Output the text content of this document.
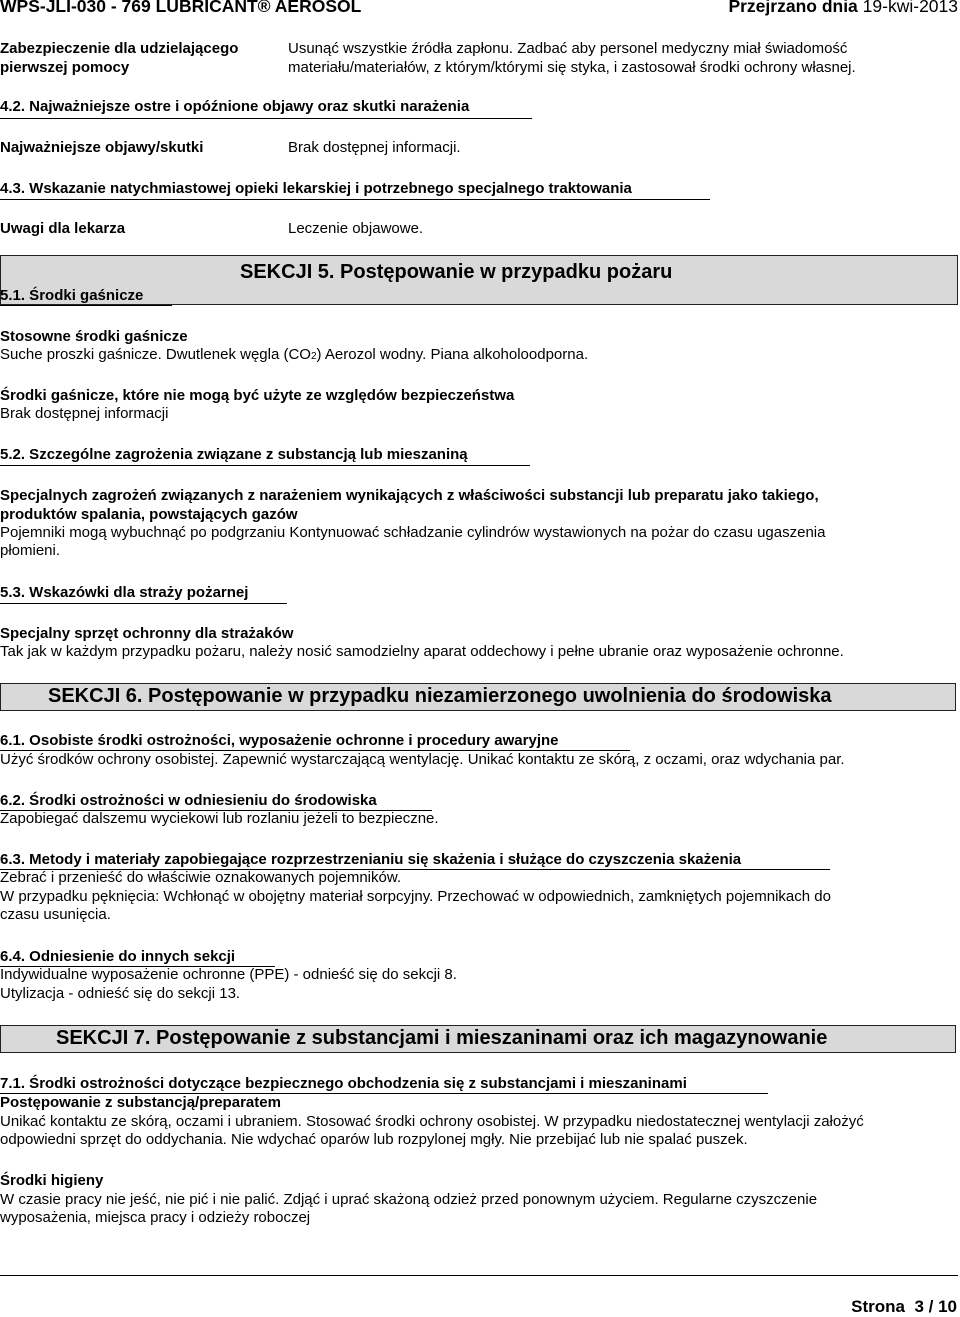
WPS-JLI-030 - 769 LUBRICANT® AEROSOL	Przejrzano dnia 19-kwi-2013
Zabezpieczenie dla udzielającego
pierwszej pomocy
Usunąć wszystkie źródła zapłonu. Zadbać aby personel medyczny miał świadomość
materiału/materiałów, z którym/którymi się styka, i zastosował środki ochrony własnej.
4.2. Najważniejsze ostre i opóźnione objawy oraz skutki narażenia
Najważniejsze objawy/skutki	Brak dostępnej informacji.
4.3. Wskazanie natychmiastowej opieki lekarskiej i potrzebnego specjalnego traktowania
Uwagi dla lekarza	Leczenie objawowe.
SEKCJI 5. Postępowanie w przypadku pożaru
5.1. Środki gaśnicze
Stosowne środki gaśnicze
Suche proszki gaśnicze. Dwutlenek węgla (CO2) Aerozol wodny. Piana alkoholoodporna.
Środki gaśnicze, które nie mogą być użyte ze względów bezpieczeństwa
Brak dostępnej informacji
5.2. Szczególne zagrożenia związane z substancją lub mieszaniną
Specjalnych zagrożeń związanych z narażeniem wynikających z właściwości substancji lub preparatu jako takiego,
produktów spalania, powstających gazów
Pojemniki mogą wybuchnąć po podgrzaniu Kontynuować schładzanie cylindrów wystawionych na pożar do czasu ugaszenia
płomieni.
5.3. Wskazówki dla straży pożarnej
Specjalny sprzęt ochronny dla strażaków
Tak jak w każdym przypadku pożaru, należy nosić samodzielny aparat oddechowy i pełne ubranie oraz wyposażenie ochronne.
SEKCJI 6. Postępowanie w przypadku niezamierzonego uwolnienia do środowiska
6.1. Osobiste środki ostrożności, wyposażenie ochronne i procedury awaryjne
Użyć środków ochrony osobistej. Zapewnić wystarczającą wentylację. Unikać kontaktu ze skórą, z oczami, oraz wdychania par.
6.2. Środki ostrożności w odniesieniu do środowiska
Zapobiegać dalszemu wyciekowi lub rozlaniu jeżeli to bezpieczne.
6.3. Metody i materiały zapobiegające rozprzestrzenianiu się skażenia i służące do czyszczenia skażenia
Zebrać i przenieść do właściwie oznakowanych pojemników.
W przypadku pęknięcia: Wchłonąć w obojętny materiał sorpcyjny. Przechować w odpowiednich, zamkniętych pojemnikach do
czasu usunięcia.
6.4. Odniesienie do innych sekcji
Indywidualne wyposażenie ochronne (PPE) - odnieść się do sekcji 8.
Utylizacja - odnieść się do sekcji 13.
SEKCJI 7. Postępowanie z substancjami i mieszaninami oraz ich magazynowanie
7.1. Środki ostrożności dotyczące bezpiecznego obchodzenia się z substancjami i mieszaninami
Postępowanie z substancją/preparatem
Unikać kontaktu ze skórą, oczami i ubraniem. Stosować środki ochrony osobistej. W przypadku niedostatecznej wentylacji założyć
odpowiedni sprzęt do oddychania. Nie wdychać oparów lub rozpylonej mgły. Nie przebijać lub nie spalać puszek.
Środki higieny
W czasie pracy nie jeść, nie pić i nie palić. Zdjąć i uprać skażoną odzież przed ponownym użyciem. Regularne czyszczenie
wyposażenia, miejsca pracy i odzieży roboczej
Strona 3 / 10
